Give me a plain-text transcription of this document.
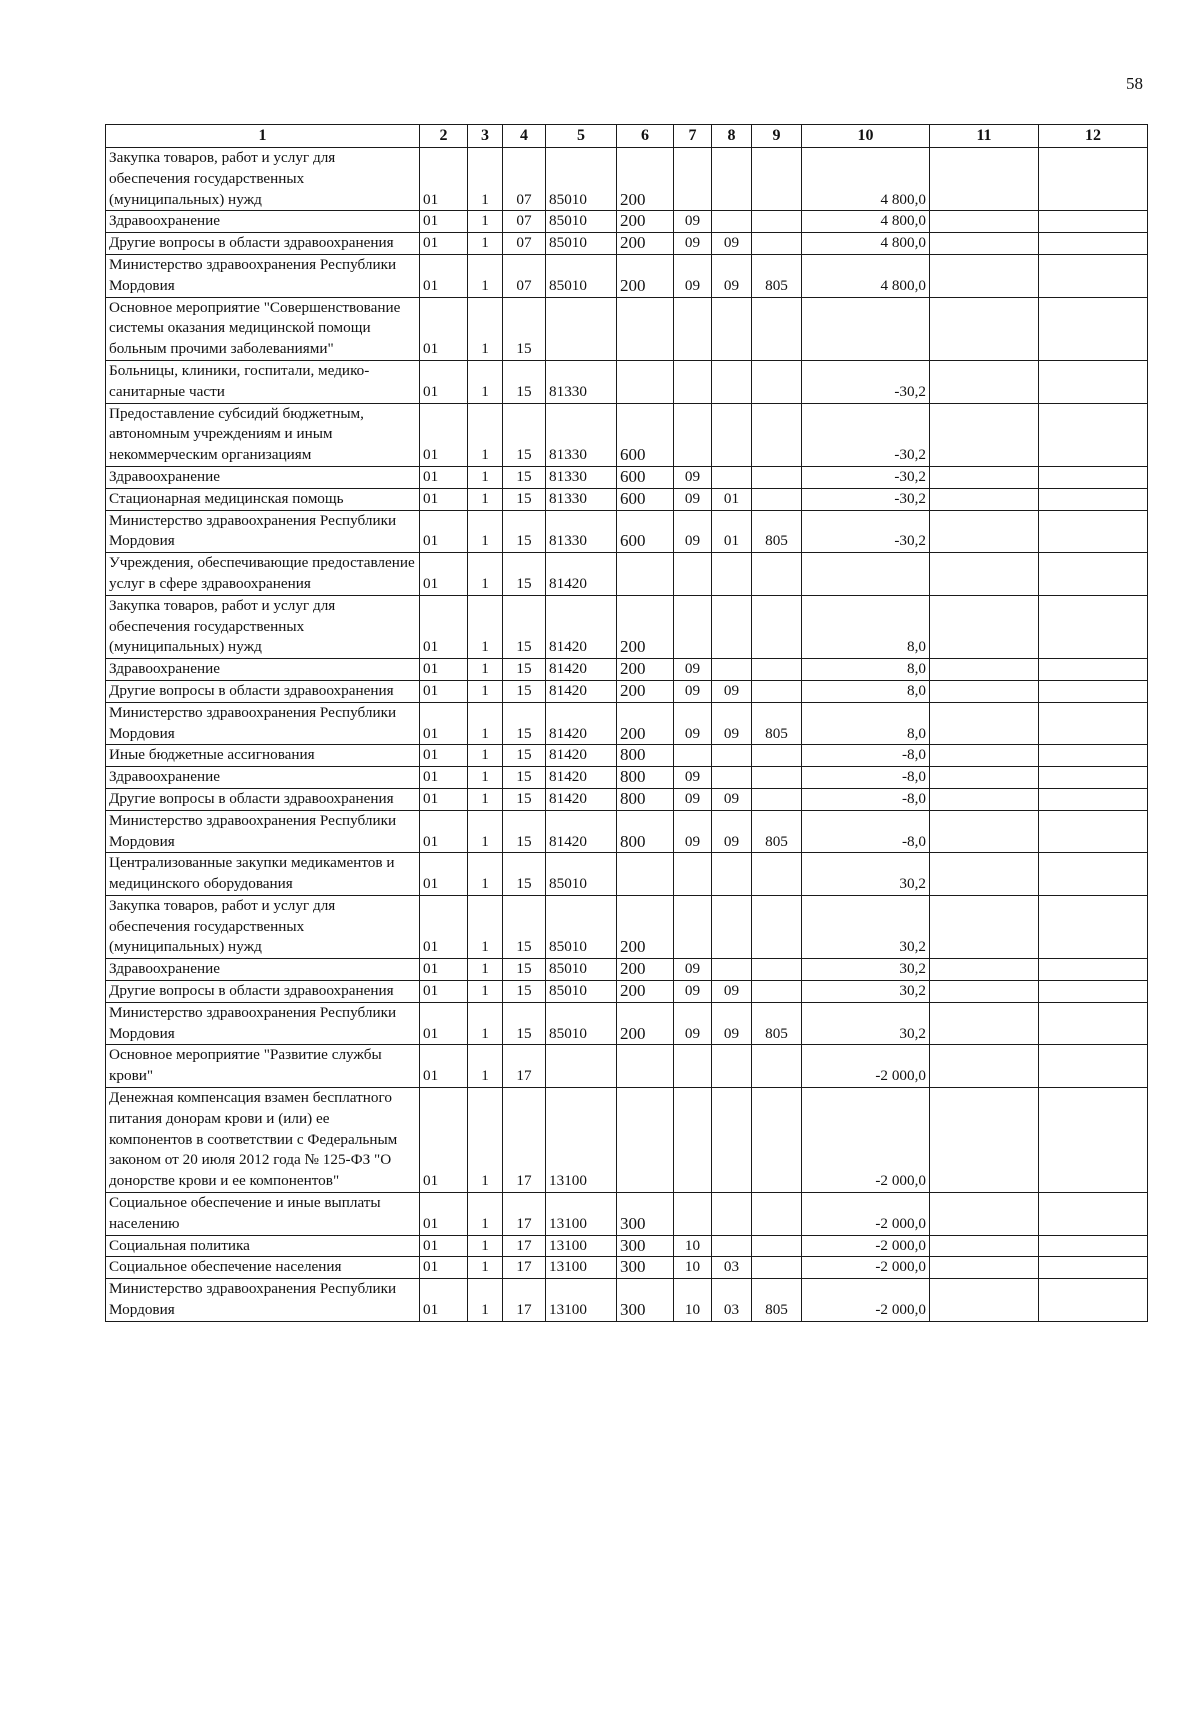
58
1	2	3	4	5	6	7	8	9	10	11	12
Закупка товаров, работ и услуг для обеспечения государственных (муниципальных) нужд	01	1	07	85010	200				4 800,0		
Здравоохранение	01	1	07	85010	200	09			4 800,0		
Другие вопросы в области здравоохранения	01	1	07	85010	200	09	09		4 800,0		
Министерство здравоохранения Республики Мордовия	01	1	07	85010	200	09	09	805	4 800,0		
Основное мероприятие "Совершенствование системы оказания медицинской помощи больным прочими заболеваниями"	01	1	15								
Больницы, клиники, госпитали, медико-санитарные части	01	1	15	81330					-30,2		
Предоставление субсидий бюджетным, автономным учреждениям и иным некоммерческим организациям	01	1	15	81330	600				-30,2		
Здравоохранение	01	1	15	81330	600	09			-30,2		
Стационарная медицинская помощь	01	1	15	81330	600	09	01		-30,2		
Министерство здравоохранения Республики Мордовия	01	1	15	81330	600	09	01	805	-30,2		
Учреждения, обеспечивающие предоставление услуг в сфере здравоохранения	01	1	15	81420							
Закупка товаров, работ и услуг для обеспечения государственных (муниципальных) нужд	01	1	15	81420	200				8,0		
Здравоохранение	01	1	15	81420	200	09			8,0		
Другие вопросы в области здравоохранения	01	1	15	81420	200	09	09		8,0		
Министерство здравоохранения Республики Мордовия	01	1	15	81420	200	09	09	805	8,0		
Иные бюджетные ассигнования	01	1	15	81420	800				-8,0		
Здравоохранение	01	1	15	81420	800	09			-8,0		
Другие вопросы в области здравоохранения	01	1	15	81420	800	09	09		-8,0		
Министерство здравоохранения Республики Мордовия	01	1	15	81420	800	09	09	805	-8,0		
Централизованные закупки медикаментов и медицинского оборудования	01	1	15	85010					30,2		
Закупка товаров, работ и услуг для обеспечения государственных (муниципальных) нужд	01	1	15	85010	200				30,2		
Здравоохранение	01	1	15	85010	200	09			30,2		
Другие вопросы в области здравоохранения	01	1	15	85010	200	09	09		30,2		
Министерство здравоохранения Республики Мордовия	01	1	15	85010	200	09	09	805	30,2		
Основное мероприятие "Развитие службы крови"	01	1	17						-2 000,0		
Денежная компенсация взамен бесплатного питания донорам крови и (или) ее компонентов в соответствии с Федеральным законом от 20 июля 2012 года № 125-ФЗ "О донорстве крови и ее компонентов"	01	1	17	13100					-2 000,0		
Социальное обеспечение и иные выплаты населению	01	1	17	13100	300				-2 000,0		
Социальная политика	01	1	17	13100	300	10			-2 000,0		
Социальное обеспечение населения	01	1	17	13100	300	10	03		-2 000,0		
Министерство здравоохранения Республики Мордовия	01	1	17	13100	300	10	03	805	-2 000,0		
